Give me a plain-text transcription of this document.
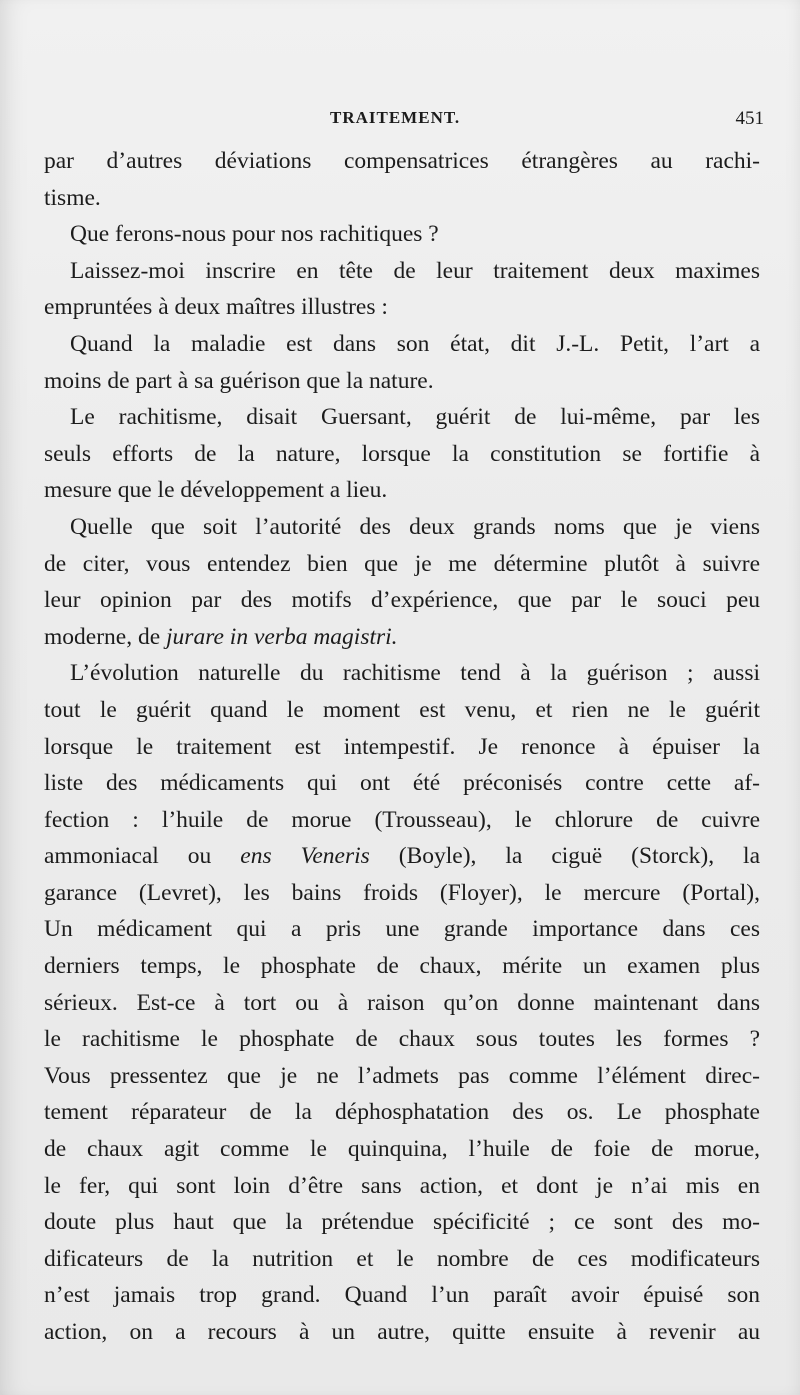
TRAITEMENT.	451
par d’autres déviations compensatrices étrangères au rachi-
tisme.
Que ferons-nous pour nos rachitiques ?
Laissez-moi inscrire en tête de leur traitement deux maximes
empruntées à deux maîtres illustres :
Quand la maladie est dans son état, dit J.-L. Petit, l’art a
moins de part à sa guérison que la nature.
Le rachitisme, disait Guersant, guérit de lui-même, par les
seuls efforts de la nature, lorsque la constitution se fortifie à
mesure que le développement a lieu.
Quelle que soit l’autorité des deux grands noms que je viens
de citer, vous entendez bien que je me détermine plutôt à suivre
leur opinion par des motifs d’expérience, que par le souci peu
moderne, de jurare in verba magistri.
L’évolution naturelle du rachitisme tend à la guérison ; aussi
tout le guérit quand le moment est venu, et rien ne le guérit
lorsque le traitement est intempestif. Je renonce à épuiser la
liste des médicaments qui ont été préconisés contre cette af-
fection : l’huile de morue (Trousseau), le chlorure de cuivre
ammoniacal ou ens Veneris (Boyle), la ciguë (Storck), la
garance (Levret), les bains froids (Floyer), le mercure (Portal),
Un médicament qui a pris une grande importance dans ces
derniers temps, le phosphate de chaux, mérite un examen plus
sérieux. Est-ce à tort ou à raison qu’on donne maintenant dans
le rachitisme le phosphate de chaux sous toutes les formes ?
Vous pressentez que je ne l’admets pas comme l’élément direc-
tement réparateur de la déphosphatation des os. Le phosphate
de chaux agit comme le quinquina, l’huile de foie de morue,
le fer, qui sont loin d’être sans action, et dont je n’ai mis en
doute plus haut que la prétendue spécificité ; ce sont des mo-
dificateurs de la nutrition et le nombre de ces modificateurs
n’est jamais trop grand. Quand l’un paraît avoir épuisé son
action, on a recours à un autre, quitte ensuite à revenir au
